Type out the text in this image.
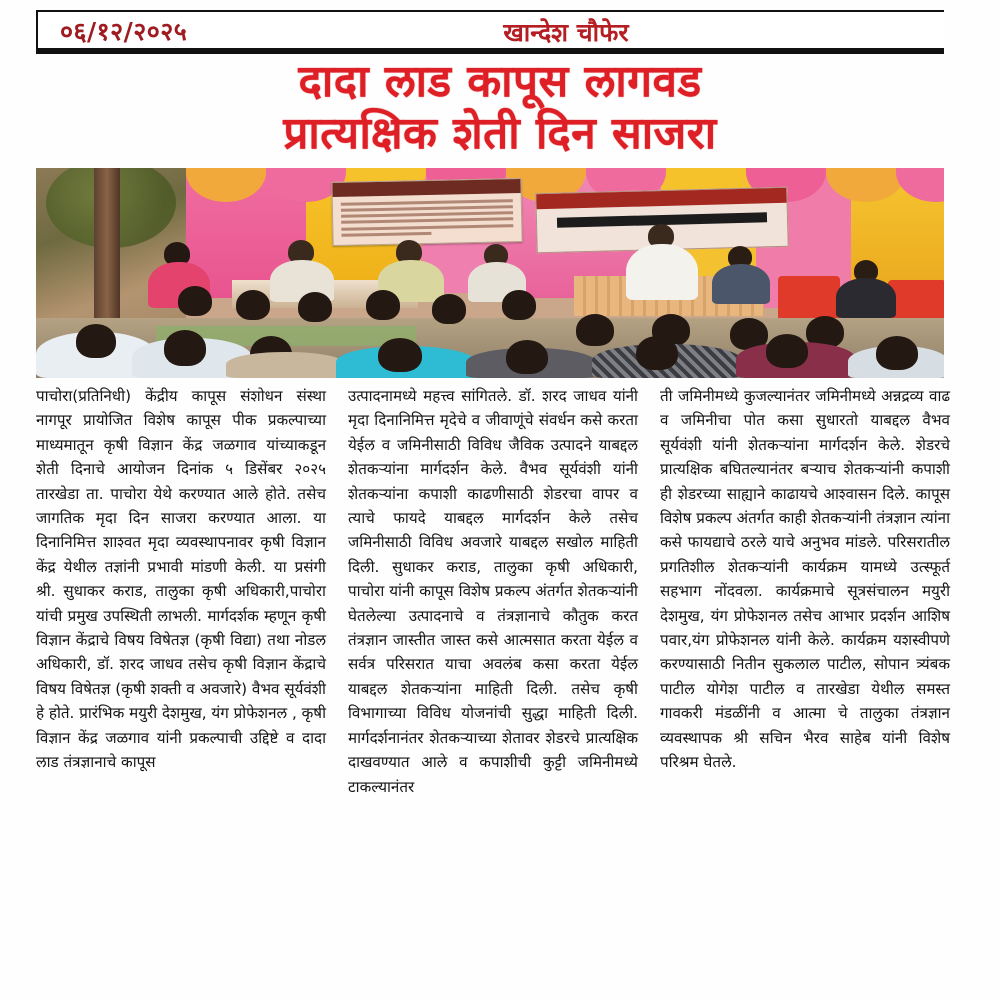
०६/१२/२०२५	खान्देश चौफेर
दादा लाड कापूस लागवड
प्रात्यक्षिक शेती दिन साजरा

पाचोरा(प्रतिनिधी) केंद्रीय कापूस संशोधन संस्था नागपूर प्रायोजित विशेष कापूस पीक प्रकल्पाच्या माध्यमातून कृषी विज्ञान केंद्र जळगाव यांच्याकडून शेती दिनाचे आयोजन दिनांक ५ डिसेंबर २०२५ तारखेडा ता. पाचोरा येथे करण्यात आले होते. तसेच जागतिक मृदा दिन साजरा करण्यात आला. या दिनानिमित्त शाश्वत मृदा व्यवस्थापनावर कृषी विज्ञान केंद्र येथील तज्ञांनी प्रभावी मांडणी केली. या प्रसंगी श्री. सुधाकर कराड, तालुका कृषी अधिकारी,पाचोरा यांची प्रमुख उपस्थिती लाभली. मार्गदर्शक म्हणून कृषी विज्ञान केंद्राचे विषय विषेतज्ञ (कृषी विद्या) तथा नोडल अधिकारी, डॉ. शरद जाधव तसेच कृषी विज्ञान केंद्राचे विषय विषेतज्ञ (कृषी शक्ती व अवजारे) वैभव सूर्यवंशी हे होते. प्रारंभिक मयुरी देशमुख, यंग प्रोफेशनल , कृषी विज्ञान केंद्र जळगाव यांनी प्रकल्पाची उद्दिष्टे व दादा लाड तंत्रज्ञानाचे कापूस

उत्पादनामध्ये महत्त्व सांगितले. डॉ. शरद जाधव यांनी मृदा दिनानिमित्त मृदेचे व जीवाणूंचे संवर्धन कसे करता येईल व जमिनीसाठी विविध जैविक उत्पादने याबद्दल शेतकऱ्यांना मार्गदर्शन केले. वैभव सूर्यवंशी यांनी शेतकऱ्यांना कपाशी काढणीसाठी शेडरचा वापर व त्याचे फायदे याबद्दल मार्गदर्शन केले तसेच जमिनीसाठी विविध अवजारे याबद्दल सखोल माहिती दिली. सुधाकर कराड, तालुका कृषी अधिकारी, पाचोरा यांनी कापूस विशेष प्रकल्प अंतर्गत शेतकऱ्यांनी घेतलेल्या उत्पादनाचे व तंत्रज्ञानाचे कौतुक करत तंत्रज्ञान जास्तीत जास्त कसे आत्मसात करता येईल व सर्वत्र परिसरात याचा अवलंब कसा करता येईल याबद्दल शेतकऱ्यांना माहिती दिली. तसेच कृषी विभागाच्या विविध योजनांची सुद्धा माहिती दिली. मार्गदर्शनानंतर शेतकऱ्याच्या शेतावर शेडरचे प्रात्यक्षिक दाखवण्यात आले व कपाशीची कुट्टी जमिनीमध्ये टाकल्यानंतर

ती जमिनीमध्ये कुजल्यानंतर जमिनीमध्ये अन्नद्रव्य वाढ व जमिनीचा पोत कसा सुधारतो याबद्दल वैभव सूर्यवंशी यांनी शेतकऱ्यांना मार्गदर्शन केले. शेडरचे प्रात्यक्षिक बघितल्यानंतर बऱ्याच शेतकऱ्यांनी कपाशी ही शेडरच्या साह्याने काढायचे आश्वासन दिले. कापूस विशेष प्रकल्प अंतर्गत काही शेतकऱ्यांनी तंत्रज्ञान त्यांना कसे फायद्याचे ठरले याचे अनुभव मांडले. परिसरातील प्रगतिशील शेतकऱ्यांनी कार्यक्रम यामध्ये उत्स्फूर्त सहभाग नोंदवला. कार्यक्रमाचे सूत्रसंचालन मयुरी देशमुख, यंग प्रोफेशनल तसेच आभार प्रदर्शन आशिष पवार,यंग प्रोफेशनल यांनी केले. कार्यक्रम यशस्वीपणे करण्यासाठी नितीन सुकलाल पाटील, सोपान त्र्यंबक पाटील योगेश पाटील व तारखेडा येथील समस्त गावकरी मंडळींनी व आत्मा चे तालुका तंत्रज्ञान व्यवस्थापक श्री सचिन भैरव साहेब यांनी विशेष परिश्रम घेतले.
